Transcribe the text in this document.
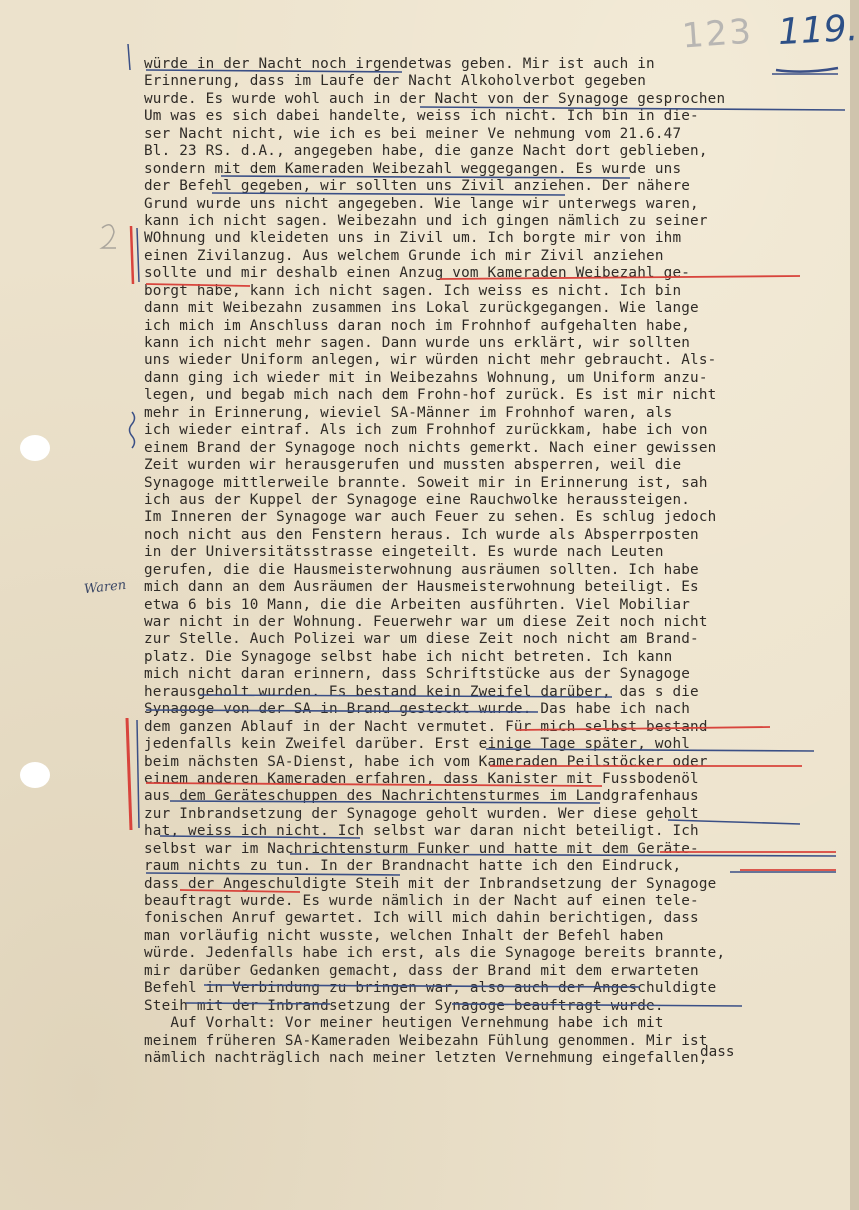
123 119.
Waren
würde in der Nacht noch irgendetwas geben. Mir ist auch in
Erinnerung, dass im Laufe der Nacht Alkoholverbot gegeben
wurde. Es wurde wohl auch in der Nacht von der Synagoge gesprochen
Um was es sich dabei handelte, weiss ich nicht. Ich bin in die-
ser Nacht nicht, wie ich es bei meiner Ve nehmung vom 21.6.47
Bl. 23 RS. d.A., angegeben habe, die ganze Nacht dort geblieben,
sondern mit dem Kameraden Weibezahl weggegangen. Es wurde uns
der Befehl gegeben, wir sollten uns Zivil anziehen. Der nähere
Grund wurde uns nicht angegeben. Wie lange wir unterwegs waren,
kann ich nicht sagen. Weibezahn und ich gingen nämlich zu seiner
WOhnung und kleideten uns in Zivil um. Ich borgte mir von ihm
einen Zivilanzug. Aus welchem Grunde ich mir Zivil anziehen
sollte und mir deshalb einen Anzug vom Kameraden Weibezahl ge-
borgt habe, kann ich nicht sagen. Ich weiss es nicht. Ich bin
dann mit Weibezahn zusammen ins Lokal zurückgegangen. Wie lange
ich mich im Anschluss daran noch im Frohnhof aufgehalten habe,
kann ich nicht mehr sagen. Dann wurde uns erklärt, wir sollten
uns wieder Uniform anlegen, wir würden nicht mehr gebraucht. Als-
dann ging ich wieder mit in Weibezahns Wohnung, um Uniform anzu-
legen, und begab mich nach dem Frohn-hof zurück. Es ist mir nicht
mehr in Erinnerung, wieviel SA-Männer im Frohnhof waren, als
ich wieder eintraf. Als ich zum Frohnhof zurückkam, habe ich von
einem Brand der Synagoge noch nichts gemerkt. Nach einer gewissen
Zeit wurden wir herausgerufen und mussten absperren, weil die
Synagoge mittlerweile brannte. Soweit mir in Erinnerung ist, sah
ich aus der Kuppel der Synagoge eine Rauchwolke heraussteigen.
Im Inneren der Synagoge war auch Feuer zu sehen. Es schlug jedoch
noch nicht aus den Fenstern heraus. Ich wurde als Absperrposten
in der Universitätsstrasse eingeteilt. Es wurde nach Leuten
gerufen, die die Hausmeisterwohnung ausräumen sollten. Ich habe
mich dann an dem Ausräumen der Hausmeisterwohnung beteiligt. Es
etwa 6 bis 10 Mann, die die Arbeiten ausführten. Viel Mobiliar
war nicht in der Wohnung. Feuerwehr war um diese Zeit noch nicht
zur Stelle. Auch Polizei war um diese Zeit noch nicht am Brand-
platz. Die Synagoge selbst habe ich nicht betreten. Ich kann
mich nicht daran erinnern, dass Schriftstücke aus der Synagoge
herausgeholt wurden. Es bestand kein Zweifel darüber, das s die
Synagoge von der SA in Brand gesteckt wurde. Das habe ich nach
dem ganzen Ablauf in der Nacht vermutet. Für mich selbst bestand
jedenfalls kein Zweifel darüber. Erst einige Tage später, wohl
beim nächsten SA-Dienst, habe ich vom Kameraden Peilstöcker oder
einem anderen Kameraden erfahren, dass Kanister mit Fussbodenöl
aus dem Geräteschuppen des Nachrichtensturmes im Landgrafenhaus
zur Inbrandsetzung der Synagoge geholt wurden. Wer diese geholt
hat, weiss ich nicht. Ich selbst war daran nicht beteiligt. Ich
selbst war im Nachrichtensturm Funker und hatte mit dem Geräte-
raum nichts zu tun. In der Brandnacht hatte ich den Eindruck,
dass der Angeschuldigte Steih mit der Inbrandsetzung der Synagoge
beauftragt wurde. Es wurde nämlich in der Nacht auf einen tele-
fonischen Anruf gewartet. Ich will mich dahin berichtigen, dass
man vorläufig nicht wusste, welchen Inhalt der Befehl haben
würde. Jedenfalls habe ich erst, als die Synagoge bereits brannte,
mir darüber Gedanken gemacht, dass der Brand mit dem erwarteten
Befehl in Verbindung zu bringen war, also auch der Angeschuldigte
Steih mit der Inbrandsetzung der Synagoge beauftragt wurde.
Auf Vorhalt: Vor meiner heutigen Vernehmung habe ich mit
meinem früheren SA-Kameraden Weibezahn Fühlung genommen. Mir ist
nämlich nachträglich nach meiner letzten Vernehmung eingefallen,
dass
